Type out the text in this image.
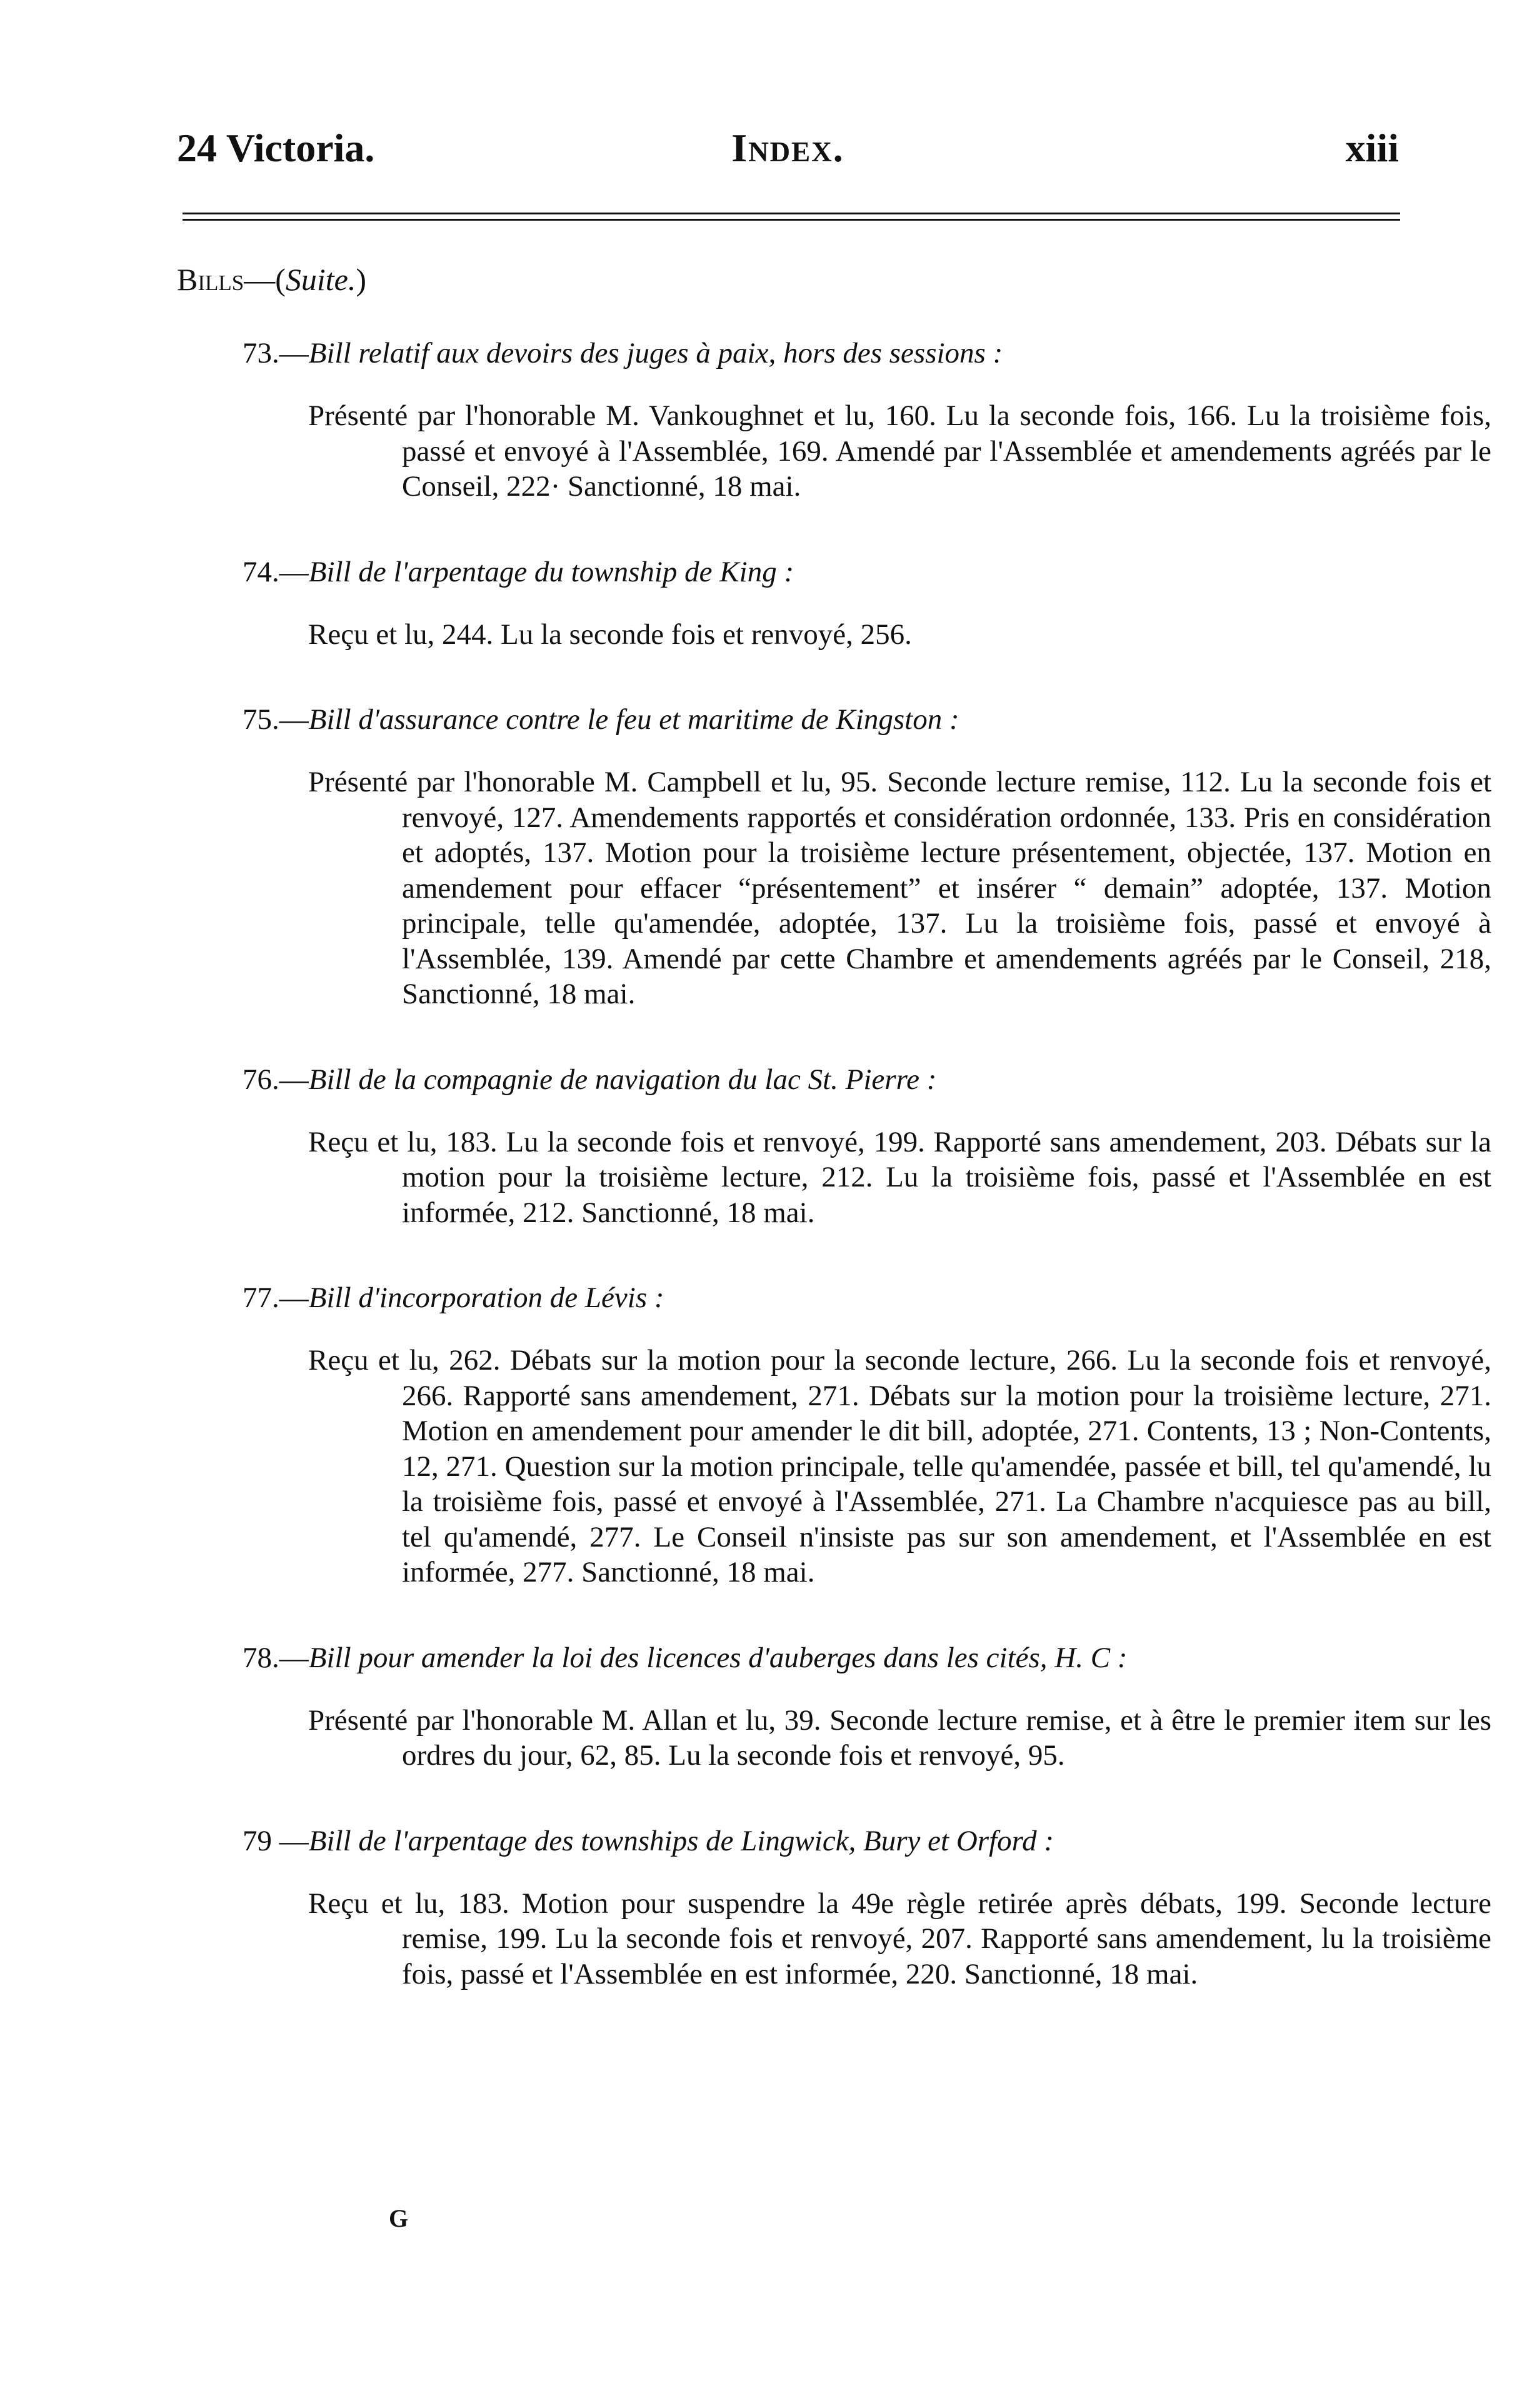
24 Victoria.	Index.	xiii
Bills—(Suite.)
73.—Bill relatif aux devoirs des juges à paix, hors des sessions :
Présenté par l'honorable M. Vankoughnet et lu, 160. Lu la seconde fois, 166. Lu la troisième fois, passé et envoyé à l'Assemblée, 169. Amendé par l'Assemblée et amendements agréés par le Conseil, 222· Sanctionné, 18 mai.
74.—Bill de l'arpentage du township de King :
Reçu et lu, 244. Lu la seconde fois et renvoyé, 256.
75.—Bill d'assurance contre le feu et maritime de Kingston :
Présenté par l'honorable M. Campbell et lu, 95. Seconde lecture remise, 112. Lu la seconde fois et renvoyé, 127. Amendements rapportés et considération ordonnée, 133. Pris en considération et adoptés, 137. Motion pour la troisième lecture présentement, objectée, 137. Motion en amendement pour effacer “présentement” et insérer “ demain” adoptée, 137. Motion principale, telle qu'amendée, adoptée, 137. Lu la troisième fois, passé et envoyé à l'Assemblée, 139. Amendé par cette Chambre et amendements agréés par le Conseil, 218, Sanctionné, 18 mai.
76.—Bill de la compagnie de navigation du lac St. Pierre :
Reçu et lu, 183. Lu la seconde fois et renvoyé, 199. Rapporté sans amendement, 203. Débats sur la motion pour la troisième lecture, 212. Lu la troisième fois, passé et l'Assemblée en est informée, 212. Sanctionné, 18 mai.
77.—Bill d'incorporation de Lévis :
Reçu et lu, 262. Débats sur la motion pour la seconde lecture, 266. Lu la seconde fois et renvoyé, 266. Rapporté sans amendement, 271. Débats sur la motion pour la troisième lecture, 271. Motion en amendement pour amender le dit bill, adoptée, 271. Contents, 13 ; Non-Contents, 12, 271. Question sur la motion principale, telle qu'amendée, passée et bill, tel qu'amendé, lu la troisième fois, passé et envoyé à l'Assemblée, 271. La Chambre n'acquiesce pas au bill, tel qu'amendé, 277. Le Conseil n'insiste pas sur son amendement, et l'Assemblée en est informée, 277. Sanctionné, 18 mai.
78.—Bill pour amender la loi des licences d'auberges dans les cités, H. C :
Présenté par l'honorable M. Allan et lu, 39. Seconde lecture remise, et à être le premier item sur les ordres du jour, 62, 85. Lu la seconde fois et renvoyé, 95.
79 —Bill de l'arpentage des townships de Lingwick, Bury et Orford :
Reçu et lu, 183. Motion pour suspendre la 49e règle retirée après débats, 199. Seconde lecture remise, 199. Lu la seconde fois et renvoyé, 207. Rapporté sans amendement, lu la troisième fois, passé et l'Assemblée en est informée, 220. Sanctionné, 18 mai.
G
